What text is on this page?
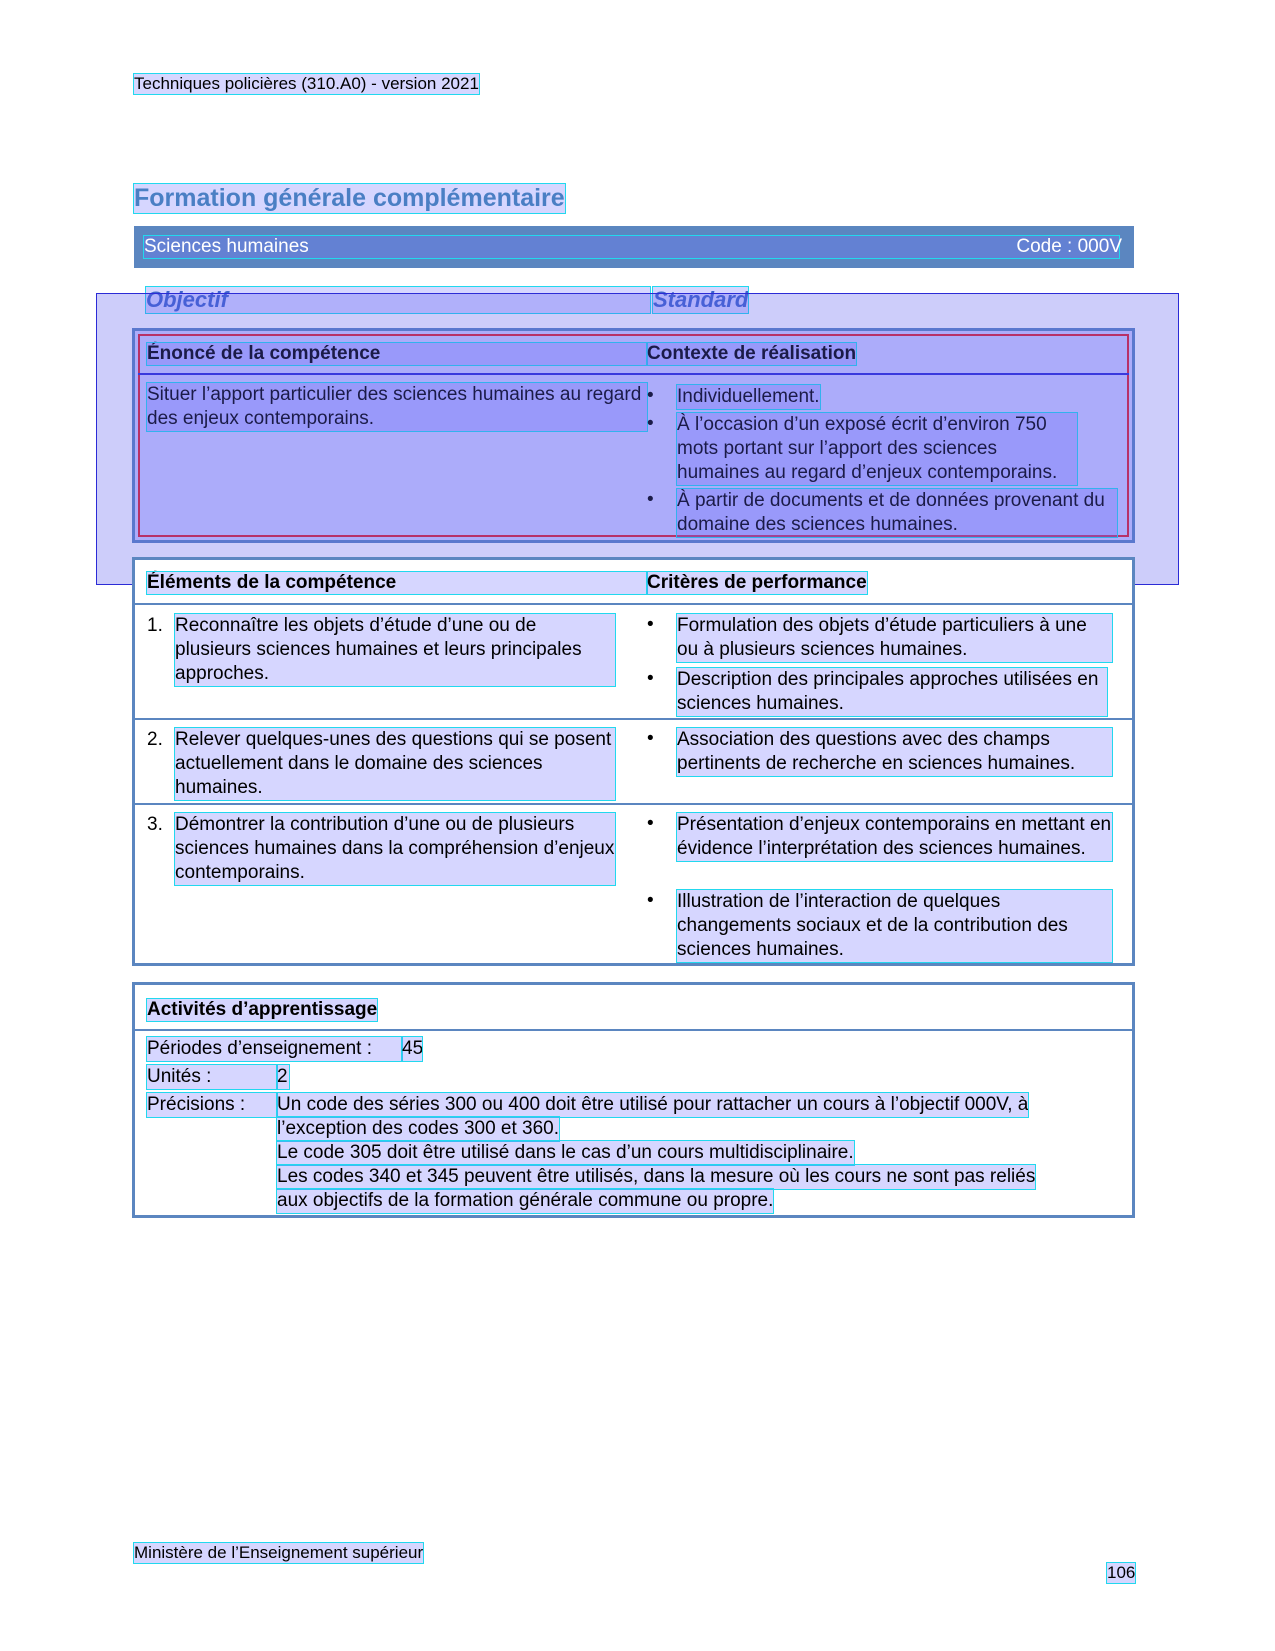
Techniques policières (310.A0) - version 2021
Formation générale complémentaire
Sciences humaines	Code : 000V
Objectif	Standard
Énoncé de la compétence	Contexte de réalisation
Situer l’apport particulier des sciences humaines au regard des enjeux contemporains.
• Individuellement.
• À l’occasion d’un exposé écrit d’environ 750 mots portant sur l’apport des sciences humaines au regard d’enjeux contemporains.
• À partir de documents et de données provenant du domaine des sciences humaines.
Éléments de la compétence	Critères de performance
1. Reconnaître les objets d’étude d’une ou de plusieurs sciences humaines et leurs principales approches.
• Formulation des objets d’étude particuliers à une ou à plusieurs sciences humaines.
• Description des principales approches utilisées en sciences humaines.
2. Relever quelques-unes des questions qui se posent actuellement dans le domaine des sciences humaines.
• Association des questions avec des champs pertinents de recherche en sciences humaines.
3. Démontrer la contribution d’une ou de plusieurs sciences humaines dans la compréhension d’enjeux contemporains.
• Présentation d’enjeux contemporains en mettant en évidence l’interprétation des sciences humaines.
• Illustration de l’interaction de quelques changements sociaux et de la contribution des sciences humaines.
Activités d’apprentissage
Périodes d’enseignement :	45
Unités :	2
Précisions :	Un code des séries 300 ou 400 doit être utilisé pour rattacher un cours à l’objectif 000V, à
l’exception des codes 300 et 360.
Le code 305 doit être utilisé dans le cas d’un cours multidisciplinaire.
Les codes 340 et 345 peuvent être utilisés, dans la mesure où les cours ne sont pas reliés
aux objectifs de la formation générale commune ou propre.
Ministère de l’Enseignement supérieur
106
